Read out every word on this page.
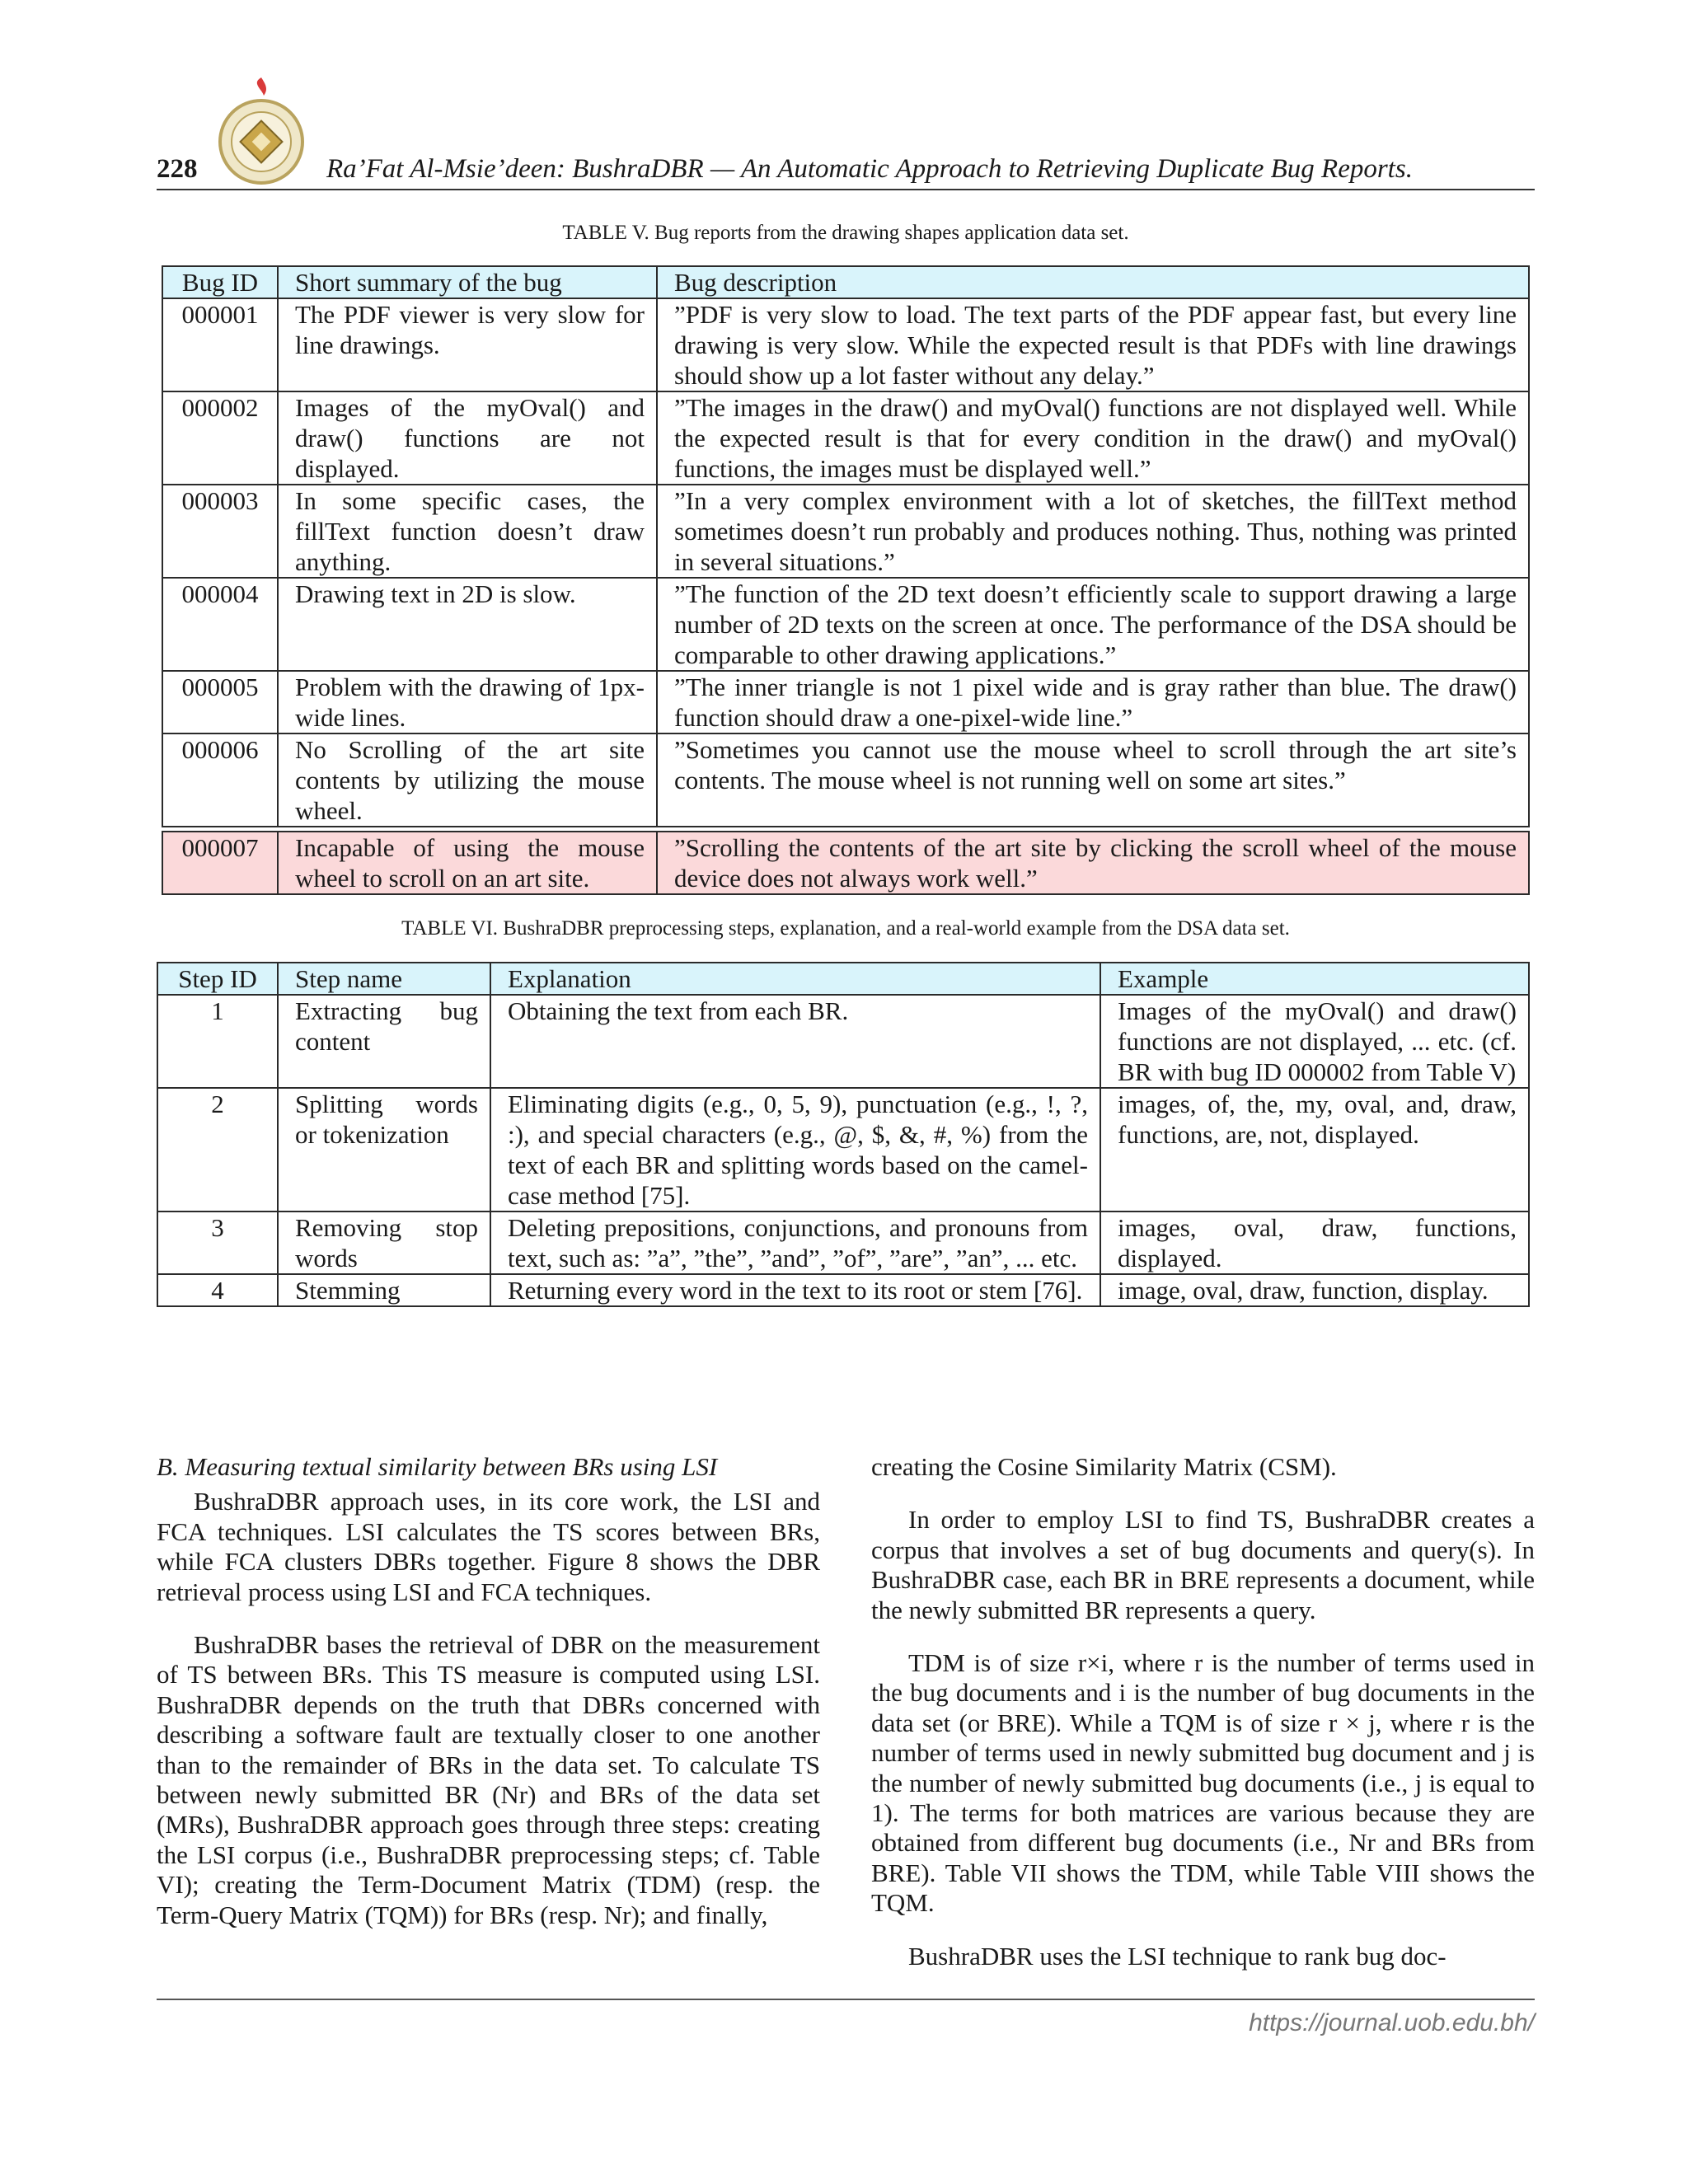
228	Ra’Fat Al-Msie’deen: BushraDBR — An Automatic Approach to Retrieving Duplicate Bug Reports.
TABLE V. Bug reports from the drawing shapes application data set.
Bug ID	Short summary of the bug	Bug description
000001	The PDF viewer is very slow for line drawings.	”PDF is very slow to load. The text parts of the PDF appear fast, but every line drawing is very slow. While the expected result is that PDFs with line drawings should show up a lot faster without any delay.”
000002	Images of the myOval() and draw() functions are not displayed.	”The images in the draw() and myOval() functions are not displayed well. While the expected result is that for every condition in the draw() and myOval() functions, the images must be displayed well.”
000003	In some specific cases, the fillText function doesn’t draw anything.	”In a very complex environment with a lot of sketches, the fillText method sometimes doesn’t run probably and produces nothing. Thus, nothing was printed in several situations.”
000004	Drawing text in 2D is slow.	”The function of the 2D text doesn’t efficiently scale to support drawing a large number of 2D texts on the screen at once. The performance of the DSA should be comparable to other drawing applications.”
000005	Problem with the drawing of 1px-wide lines.	”The inner triangle is not 1 pixel wide and is gray rather than blue. The draw() function should draw a one-pixel-wide line.”
000006	No Scrolling of the art site contents by utilizing the mouse wheel.	”Sometimes you cannot use the mouse wheel to scroll through the art site’s contents. The mouse wheel is not running well on some art sites.”

000007	Incapable of using the mouse wheel to scroll on an art site.	”Scrolling the contents of the art site by clicking the scroll wheel of the mouse device does not always work well.”
TABLE VI. BushraDBR preprocessing steps, explanation, and a real-world example from the DSA data set.
Step ID	Step name	Explanation	Example
1	Extracting bug content	Obtaining the text from each BR.	Images of the myOval() and draw() functions are not displayed, ... etc. (cf. BR with bug ID 000002 from Table V)
2	Splitting words or tokenization	Eliminating digits (e.g., 0, 5, 9), punctuation (e.g., !, ?, :), and special characters (e.g., @, $, &, #, %) from the text of each BR and splitting words based on the camel-case method [75].	images, of, the, my, oval, and, draw, functions, are, not, displayed.
3	Removing stop words	Deleting prepositions, conjunctions, and pronouns from text, such as: ”a”, ”the”, ”and”, ”of”, ”are”, ”an”, ... etc.	images, oval, draw, functions, displayed.
4	Stemming	Returning every word in the text to its root or stem [76].	image, oval, draw, function, display.
B. Measuring textual similarity between BRs using LSI

BushraDBR approach uses, in its core work, the LSI and FCA techniques. LSI calculates the TS scores between BRs, while FCA clusters DBRs together. Figure 8 shows the DBR retrieval process using LSI and FCA techniques.

BushraDBR bases the retrieval of DBR on the measurement of TS between BRs. This TS measure is computed using LSI. BushraDBR depends on the truth that DBRs concerned with describing a software fault are textually closer to one another than to the remainder of BRs in the data set. To calculate TS between newly submitted BR (Nr) and BRs of the data set (MRs), BushraDBR approach goes through three steps: creating the LSI corpus (i.e., BushraDBR preprocessing steps; cf. Table VI); creating the Term-Document Matrix (TDM) (resp. the Term-Query Matrix (TQM)) for BRs (resp. Nr); and finally,

creating the Cosine Similarity Matrix (CSM).

In order to employ LSI to find TS, BushraDBR creates a corpus that involves a set of bug documents and query(s). In BushraDBR case, each BR in BRE represents a document, while the newly submitted BR represents a query.

TDM is of size r×i, where r is the number of terms used in the bug documents and i is the number of bug documents in the data set (or BRE). While a TQM is of size r × j, where r is the number of terms used in newly submitted bug document and j is the number of newly submitted bug documents (i.e., j is equal to 1). The terms for both matrices are various because they are obtained from different bug documents (i.e., Nr and BRs from BRE). Table VII shows the TDM, while Table VIII shows the TQM.

BushraDBR uses the LSI technique to rank bug doc-

https://journal.uob.edu.bh/
